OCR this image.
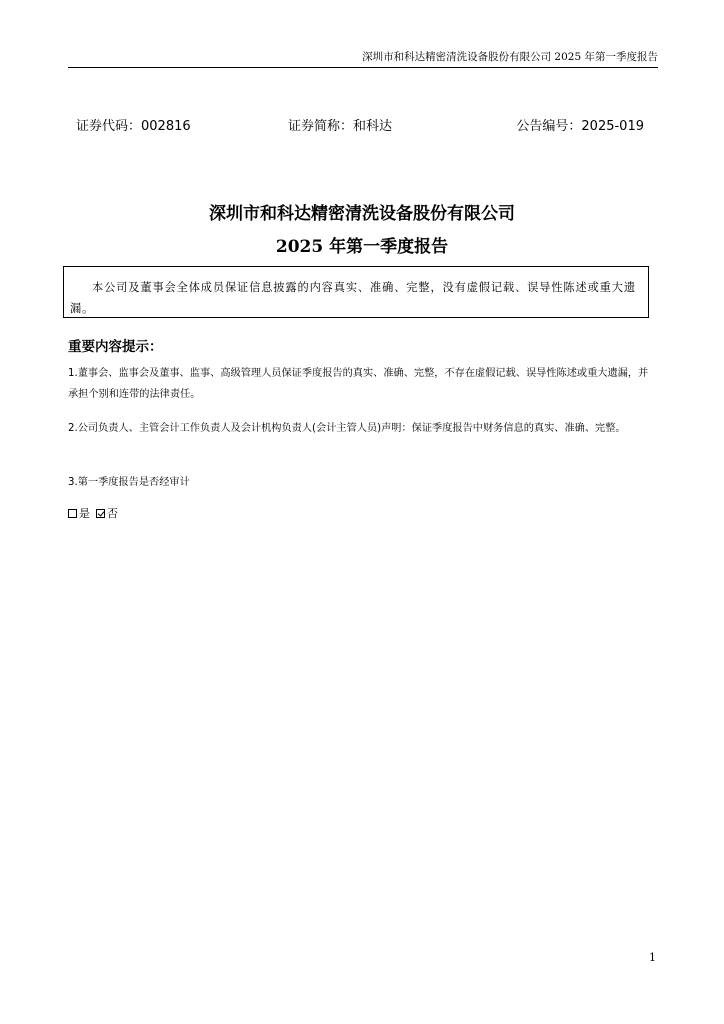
深圳市和科达精密清洗设备股份有限公司 2025 年第一季度报告
证券代码：002816	证券简称：和科达	公告编号：2025-019
深圳市和科达精密清洗设备股份有限公司
2025 年第一季度报告
本公司及董事会全体成员保证信息披露的内容真实、准确、完整，没有虚假记载、误导性陈述或重大遗漏。
重要内容提示：
1.董事会、监事会及董事、监事、高级管理人员保证季度报告的真实、准确、完整，不存在虚假记载、误导性陈述或重大遗漏，并承担个别和连带的法律责任。
2.公司负责人、主管会计工作负责人及会计机构负责人(会计主管人员)声明：保证季度报告中财务信息的真实、准确、完整。
3.第一季度报告是否经审计
是 否
1
